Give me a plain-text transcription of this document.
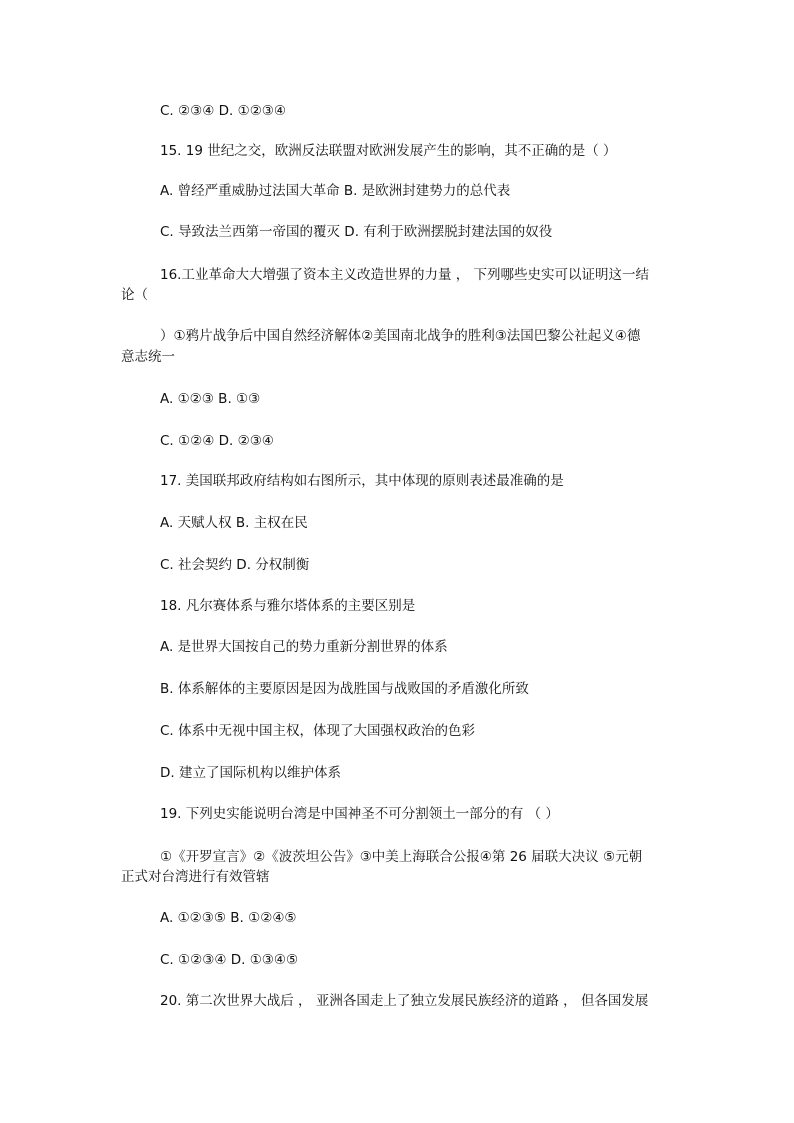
C. ②③④ D. ①②③④
15. 19 世纪之交，欧洲反法联盟对欧洲发展产生的影响，其不正确的是（ ）
A. 曾经严重威胁过法国大革命 B. 是欧洲封建势力的总代表
C. 导致法兰西第一帝国的覆灭 D. 有利于欧洲摆脱封建法国的奴役
16.工业革命大大增强了资本主义改造世界的力量 ， 下列哪些史实可以证明这一结
论（
）①鸦片战争后中国自然经济解体②美国南北战争的胜利③法国巴黎公社起义④德
意志统一
A. ①②③ B. ①③
C. ①②④ D. ②③④
17. 美国联邦政府结构如右图所示，其中体现的原则表述最准确的是
A. 天赋人权 B. 主权在民
C. 社会契约 D. 分权制衡
18. 凡尔赛体系与雅尔塔体系的主要区别是
A. 是世界大国按自己的势力重新分割世界的体系
B. 体系解体的主要原因是因为战胜国与战败国的矛盾激化所致
C. 体系中无视中国主权，体现了大国强权政治的色彩
D. 建立了国际机构以维护体系
19. 下列史实能说明台湾是中国神圣不可分割领土一部分的有 （ ）
①《开罗宣言》②《波茨坦公告》③中美上海联合公报④第 26 届联大决议 ⑤元朝
正式对台湾进行有效管辖
A. ①②③⑤ B. ①②④⑤
C. ①②③④ D. ①③④⑤
20. 第二次世界大战后 ， 亚洲各国走上了独立发展民族经济的道路 ， 但各国发展
